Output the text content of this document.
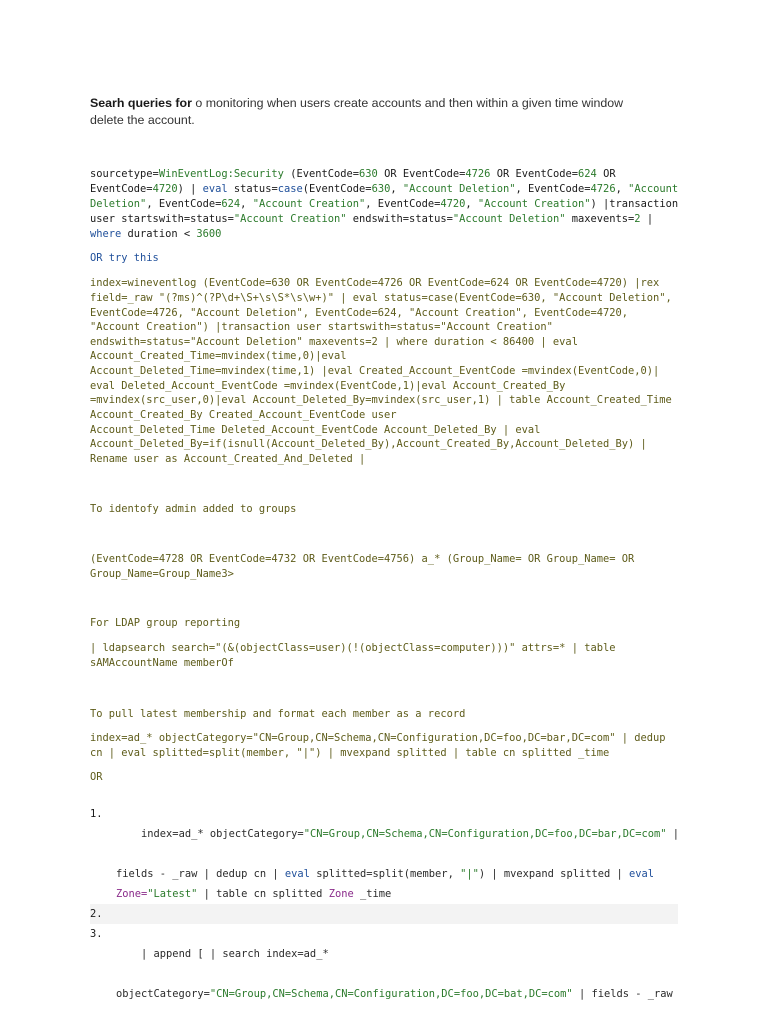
Searh queries for o monitoring when users create accounts and then within a given time window delete the account.
sourcetype=WinEventLog:Security (EventCode=630 OR EventCode=4726 OR EventCode=624 OR
EventCode=4720) | eval status=case(EventCode=630, "Account Deletion", EventCode=4726, "Account
Deletion", EventCode=624, "Account Creation", EventCode=4720, "Account Creation") |transaction
user startswith=status="Account Creation" endswith=status="Account Deletion" maxevents=2 |
where duration < 3600
OR try this
index=wineventlog (EventCode=630 OR EventCode=4726 OR EventCode=624 OR EventCode=4720) |rex
field=_raw "(?ms)^(?P\d+\S+\s\S*\s\w+)" | eval status=case(EventCode=630, "Account Deletion",
EventCode=4726, "Account Deletion", EventCode=624, "Account Creation", EventCode=4720,
"Account Creation") |transaction user startswith=status="Account Creation"
endswith=status="Account Deletion" maxevents=2 | where duration < 86400 | eval
Account_Created_Time=mvindex(time,0)|eval
Account_Deleted_Time=mvindex(time,1) |eval Created_Account_EventCode =mvindex(EventCode,0)|
eval Deleted_Account_EventCode =mvindex(EventCode,1)|eval Account_Created_By
=mvindex(src_user,0)|eval Account_Deleted_By=mvindex(src_user,1) | table Account_Created_Time
Account_Created_By Created_Account_EventCode user
Account_Deleted_Time Deleted_Account_EventCode Account_Deleted_By | eval
Account_Deleted_By=if(isnull(Account_Deleted_By),Account_Created_By,Account_Deleted_By) |
Rename user as Account_Created_And_Deleted |
To identofy admin added to groups
(EventCode=4728 OR EventCode=4732 OR EventCode=4756) a_* (Group_Name= OR Group_Name= OR
Group_Name=Group_Name3>
For LDAP group reporting
| ldapsearch search="(&(objectClass=user)(!(objectClass=computer)))" attrs=* | table
sAMAccountName memberOf
To pull latest membership and format each member as a record
index=ad_* objectCategory="CN=Group,CN=Schema,CN=Configuration,DC=foo,DC=bar,DC=com" | dedup
cn | eval splitted=split(member, "|") | mvexpand splitted | table cn splitted _time
OR

1.
index=ad_* objectCategory="CN=Group,CN=Schema,CN=Configuration,DC=foo,DC=bar,DC=com" |

fields - _raw | dedup cn | eval splitted=split(member, "|") | mvexpand splitted | eval
Zone="Latest" | table cn splitted Zone _time

2.

3.
| append [ | search index=ad_*

objectCategory="CN=Group,CN=Schema,CN=Configuration,DC=foo,DC=bat,DC=com" | fields - _raw
